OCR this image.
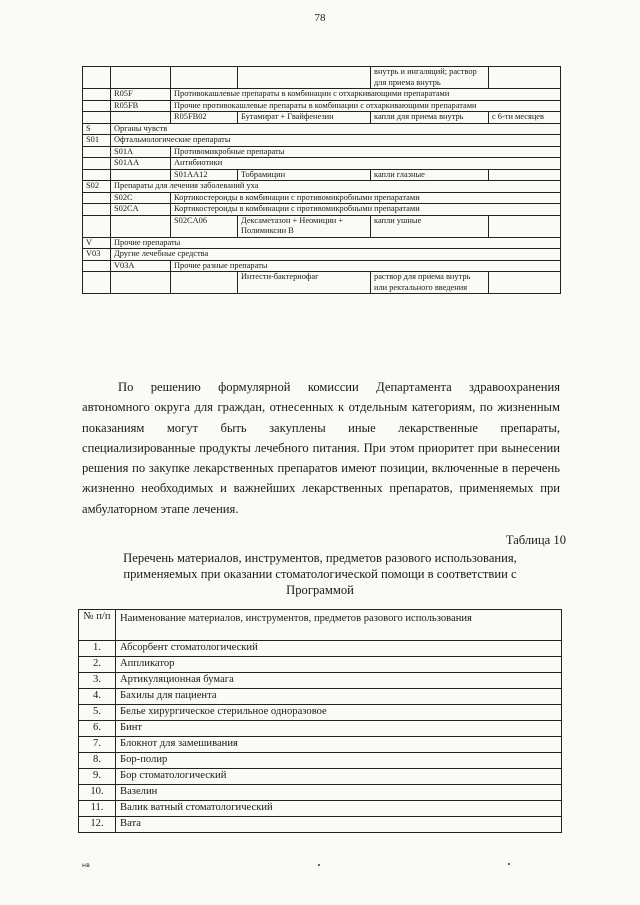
78
				внутрь и ингаляций; раствор для приема внутрь	
	R05F	Противокашлевые препараты в комбинации с отхаркивающими препаратами			
	R05FB	Прочие противокашлевые препараты в комбинации с отхаркивающими препаратами			
		R05FB02	Бутамират + Гвайфенезин	капли для приема внутрь	с 6-ти месяцев
S	Органы чувств				
S01	Офтальмологические препараты				
	S01A	Противомикробные препараты			
	S01AA	Антибиотики			
		S01AA12	Тобрамицин	капли глазные	
S02	Препараты для лечения заболеваний уха				
	S02C	Кортикостероиды в комбинации с противомикробными препаратами			
	S02CA	Кортикостероиды в комбинации с противомикробными препаратами			
		S02CA06	Дексаметазон + Неомицин + Полимиксин В	капли ушные	
V	Прочие препараты				
V03	Другие лечебные средства				
	V03A	Прочие разные препараты			
			Интести-бактериофаг	раствор для приема внутрь или ректального введения	

По решению формулярной комиссии Департамента здравоохранения автономного округа для граждан, отнесенных к отдельным категориям, по жизненным показаниям могут быть закуплены иные лекарственные препараты, специализированные продукты лечебного питания. При этом приоритет при вынесении решения по закупке лекарственных препаратов имеют позиции, включенные в перечень жизненно необходимых и важнейших лекарственных препаратов, применяемых при амбулаторном этапе лечения.

Таблица 10
Перечень материалов, инструментов, предметов разового использования, применяемых при оказании стоматологической помощи в соответствии с Программой
№ п/п	Наименование материалов, инструментов, предметов разового использования
1.	Абсорбент стоматологический
2.	Аппликатор
3.	Артикуляционная бумага
4.	Бахилы для пациента
5.	Белье хирургическое стерильное одноразовое
6.	Бинт
7.	Блокнот для замешивания
8.	Бор-полир
9.	Бор стоматологический
10.	Вазелин
11.	Валик ватный стоматологический
12.	Вата
нв
